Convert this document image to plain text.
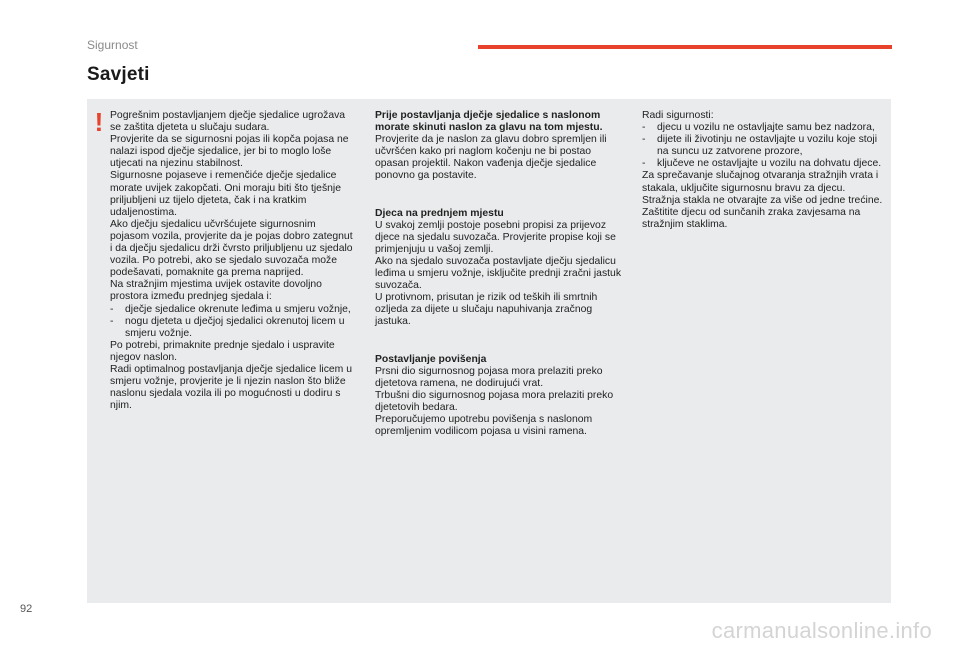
Sigurnost
Savjeti
! Pogrešnim postavljanjem dječje sjedalice ugrožava se zaštita djeteta u slučaju sudara.

Provjerite da se sigurnosni pojas ili kopča pojasa ne nalazi ispod dječje sjedalice, jer bi to moglo loše utjecati na njezinu stabilnost.

Sigurnosne pojaseve i remenčiće dječje sjedalice morate uvijek zakopčati. Oni moraju biti što tješnje priljubljeni uz tijelo djeteta, čak i na kratkim udaljenostima.

Ako dječju sjedalicu učvršćujete sigurnosnim pojasom vozila, provjerite da je pojas dobro zategnut i da dječju sjedalicu drži čvrsto priljubljenu uz sjedalo vozila. Po potrebi, ako se sjedalo suvozača može podešavati, pomaknite ga prema naprijed.

Na stražnjim mjestima uvijek ostavite dovoljno prostora između prednjeg sjedala i:

-	dječje sjedalice okrenute leđima u smjeru vožnje,
-	nogu djeteta u dječjoj sjedalici okrenutoj licem u smjeru vožnje.

Po potrebi, primaknite prednje sjedalo i uspravite njegov naslon.

Radi optimalnog postavljanja dječje sjedalice licem u smjeru vožnje, provjerite je li njezin naslon što bliže naslonu sjedala vozila ili po mogućnosti u dodiru s njim.

Prije postavljanja dječje sjedalice s naslonom morate skinuti naslon za glavu na tom mjestu.

Provjerite da je naslon za glavu dobro spremljen ili učvršćen kako pri naglom kočenju ne bi postao opasan projektil. Nakon vađenja dječje sjedalice ponovno ga postavite.

Djeca na prednjem mjestu

U svakoj zemlji postoje posebni propisi za prijevoz djece na sjedalu suvozača. Provjerite propise koji se primjenjuju u vašoj zemlji.

Ako na sjedalo suvozača postavljate dječju sjedalicu leđima u smjeru vožnje, isključite prednji zračni jastuk suvozača.

U protivnom, prisutan je rizik od teških ili smrtnih ozljeda za dijete u slučaju napuhivanja zračnog jastuka.

Postavljanje povišenja

Prsni dio sigurnosnog pojasa mora prelaziti preko djetetova ramena, ne dodirujući vrat.

Trbušni dio sigurnosnog pojasa mora prelaziti preko djetetovih bedara.

Preporučujemo upotrebu povišenja s naslonom opremljenim vodilicom pojasa u visini ramena.

Radi sigurnosti:

-	djecu u vozilu ne ostavljajte samu bez nadzora,
-	dijete ili životinju ne ostavljajte u vozilu koje stoji na suncu uz zatvorene prozore,
-	ključeve ne ostavljajte u vozilu na dohvatu djece.

Za sprečavanje slučajnog otvaranja stražnjih vrata i stakala, uključite sigurnosnu bravu za djecu.

Stražnja stakla ne otvarajte za više od jedne trećine.

Zaštitite djecu od sunčanih zraka zavjesama na stražnjim staklima.

92
carmanualsonline.info
